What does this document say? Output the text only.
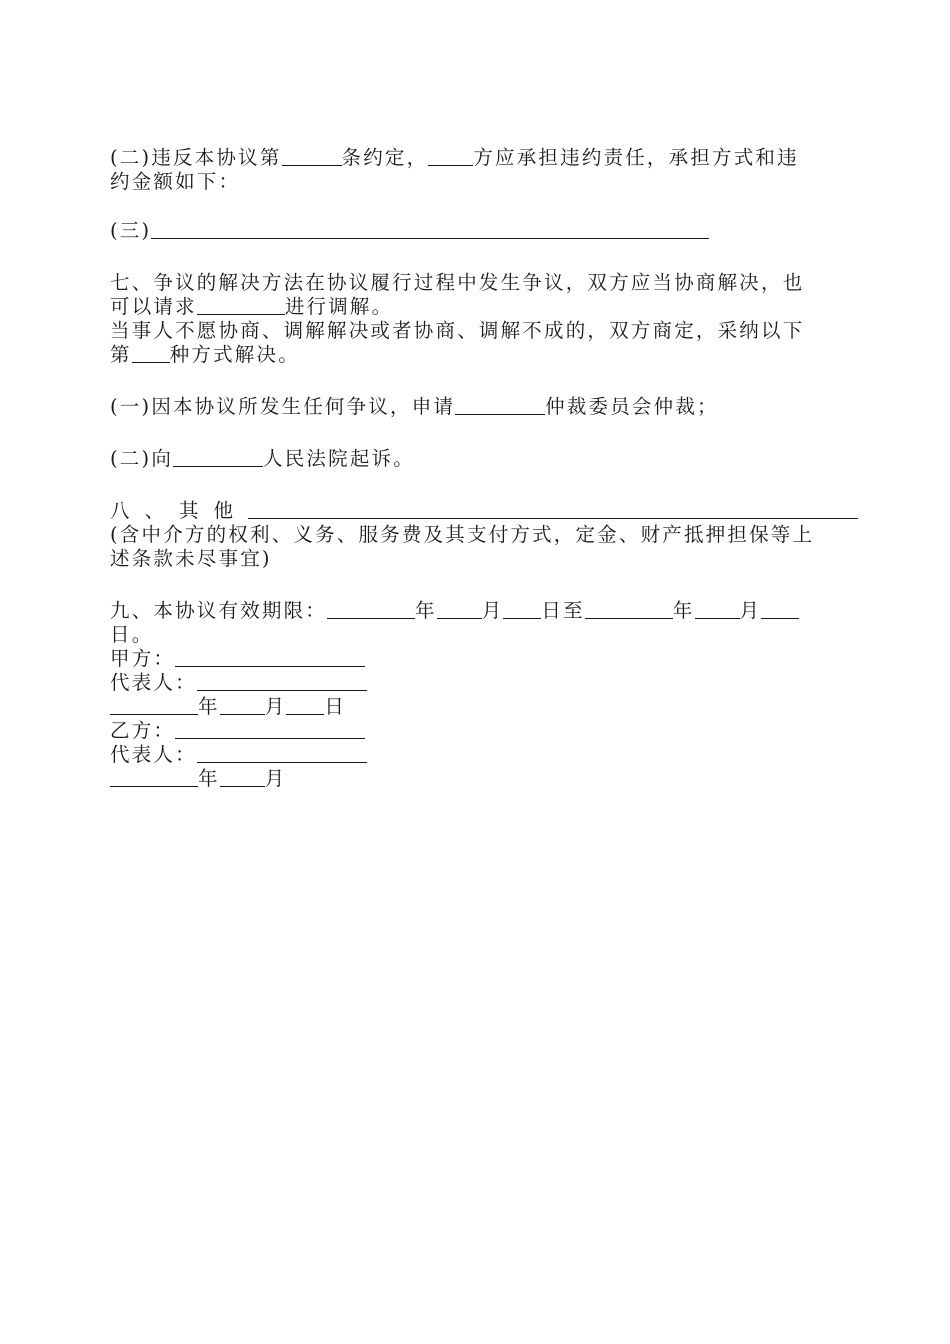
(二)违反本协议第	条约定， 方应承担违约责任，承担方式和违
约金额如下：
(三)
七、争议的解决方法在协议履行过程中发生争议，双方应当协商解决，也
可以请求	进行调解。
当事人不愿协商、调解解决或者协商、调解不成的，双方商定，采纳以下
第 种方式解决。
(一)因本协议所发生任何争议，申请	仲裁委员会仲裁；
(二)向	人民法院起诉。
八、其他
(含中介方的权利、义务、服务费及其支付方式，定金、财产抵押担保等上
述条款未尽事宜)
九、本协议有效期限：	年 月 日至	年 月
日。
甲方：
代表人：
年 月 日
乙方：
代表人：
年 月
